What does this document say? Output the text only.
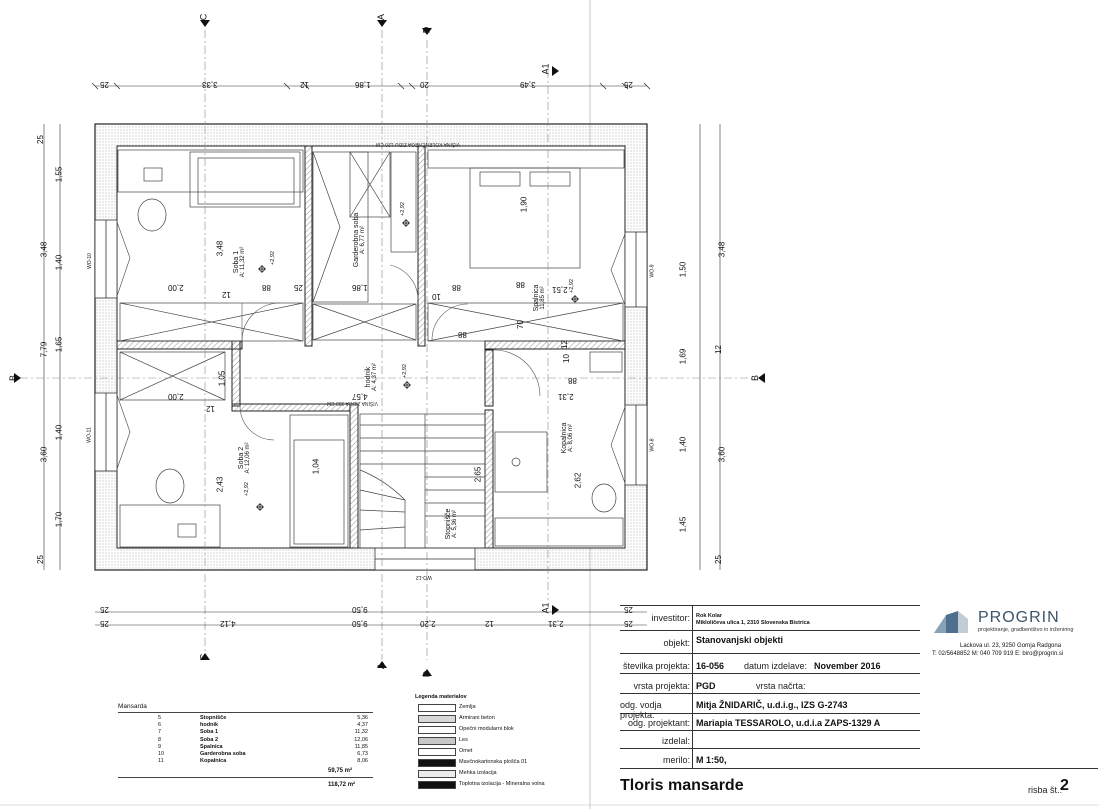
VIŠINA KOLENČNEGA ZIDU 120 CM
VIŠINA ZIDCA 100 CM
Soba 1 A: 11,32 m²	Garderobna soba A: 6,77 m²
Spalnica 11,85 m²
hodnik A: 4,37 m²
Soba 2 A: 12,06 m²
Kopalnica A: 8,06 m²
Stopnišče A: 5,36 m²
+2,92
+2,92
+2,92
+2,92
+2,92
25	3,33	12	1,86	20	3,49	25
25	9,50	25
25	4,12	9,50	2,20	12	2,31	25
25
3,48
7,79
3,60
25
1,55
1,40
1,65
1,40
1,70
3,48
12
3,60
25
1,50
1,69
1,40
1,45
2,00
12
88	25	1,86
10
88	2,51
2,00
12
1,05
4,57	2,31
88
1,04
2,43
2,65	2,62
1,90
3,48
70
88
12
10
88
WO-10
WO-11
WO-9
WO-8
WO-12
C	A
D
B
A1
C
A
D
B
A1
Mansarda
5	Stopnišče	5,36
6	hodnik	4,37
7	Soba 1	11,32
8	Soba 2	12,06
9	Spalnica	11,85
10	Garderobna soba	6,73
11	Kopalnica	8,06
59,75 m²
118,72 m²
Legenda materialov
Zemlja
Armirani beton
Opečni modularni blok
Les
Omet
Mavčnokartonska plošča 01
Mehka izolacija
Toplotna izolacija - Mineralna volna
investitor: Rok Kolar
Mikloličeva ulica 1, 2310 Slovenska Bistrica
objekt: Stanovanjski objekti
številka projekta: 16-056 datum izdelave: November 2016
vrsta projekta: PGD	vrsta načrta:
odg. vodja projekta:
Mitja ŽNIDARIČ, u.d.i.g., IZS G-2743
odg. projektant: Mariapia TESSAROLO, u.d.i.a ZAPS-1329 A
izdelal:
merilo: M 1:50,
Tloris mansarde	risba št.:
2
PROGRIN
projektiranje, gradbeništvo in inženiring
Lackova ul. 23, 9250 Gornja Radgona
T: 02/5648852 M: 040 709 919 E: biro@progrin.si
